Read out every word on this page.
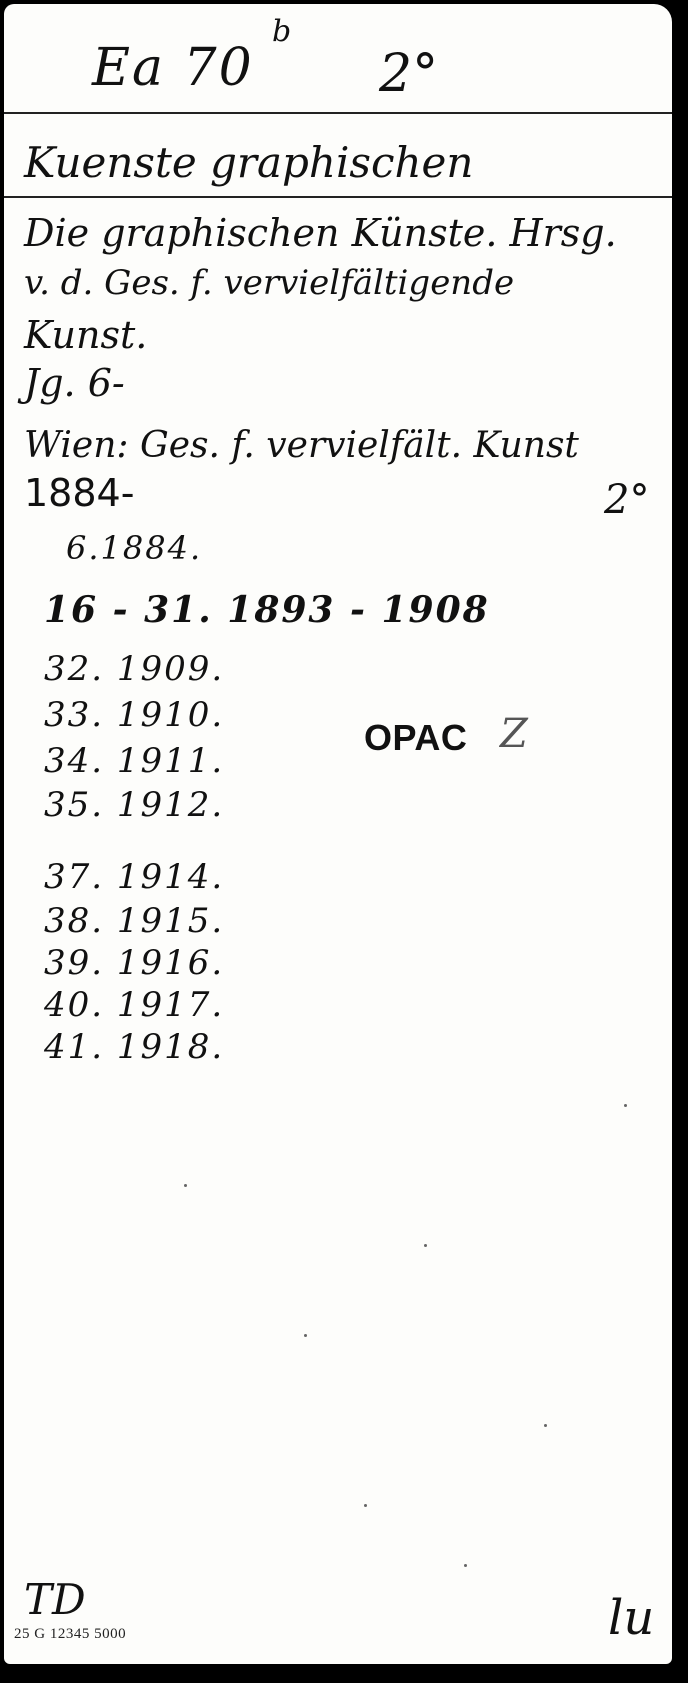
Ea 70
b
2°
Kuenste graphischen
Die graphischen Künste. Hrsg.
v. d. Ges. f. vervielfältigende
Kunst.
Jg. 6-
Wien: Ges. f. vervielfält. Kunst
1884-	2°
6.1884.
16 - 31. 1893 - 1908
32. 1909.
33. 1910.
34. 1911.
35. 1912.
37. 1914.
38. 1915.
39. 1916.
40. 1917.
41. 1918.
OPAC Z
TD
25 G 12345 5000	lu
